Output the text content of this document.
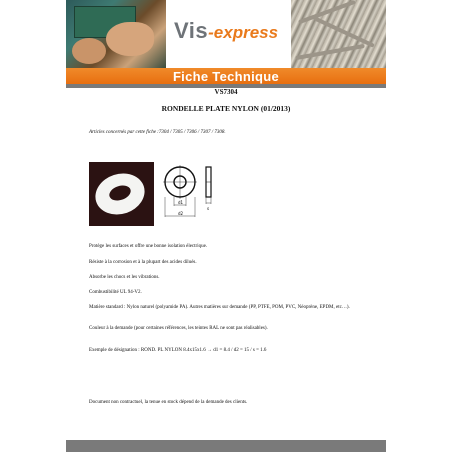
Vis-express
Fiche Technique
VS7304
RONDELLE PLATE NYLON (01/2013)
Articles concernés par cette fiche :7304 / 7305 / 7306 / 7307 / 7308.
d1
d2
s
Protège les surfaces et offre une bonne isolation électrique.
Résiste à la corrosion et à la plupart des acides dilués.
Absorbe les chocs et les vibrations.
Combustibilité UL 94-V2.
Matière standard : Nylon naturel (polyamide PA). Autres matières sur demande (PP, PTFE, POM, PVC, Néoprène, EPDM, etc…).
Couleur à la demande (pour certaines références, les teintes RAL ne sont pas réalisables).
Exemple de désignation : ROND. PL NYLON 8.4x15x1.6 → d1 = 8.4 / d2 = 15 / s = 1.6
Document non contractuel, la tenue en stock dépend de la demande des clients.
